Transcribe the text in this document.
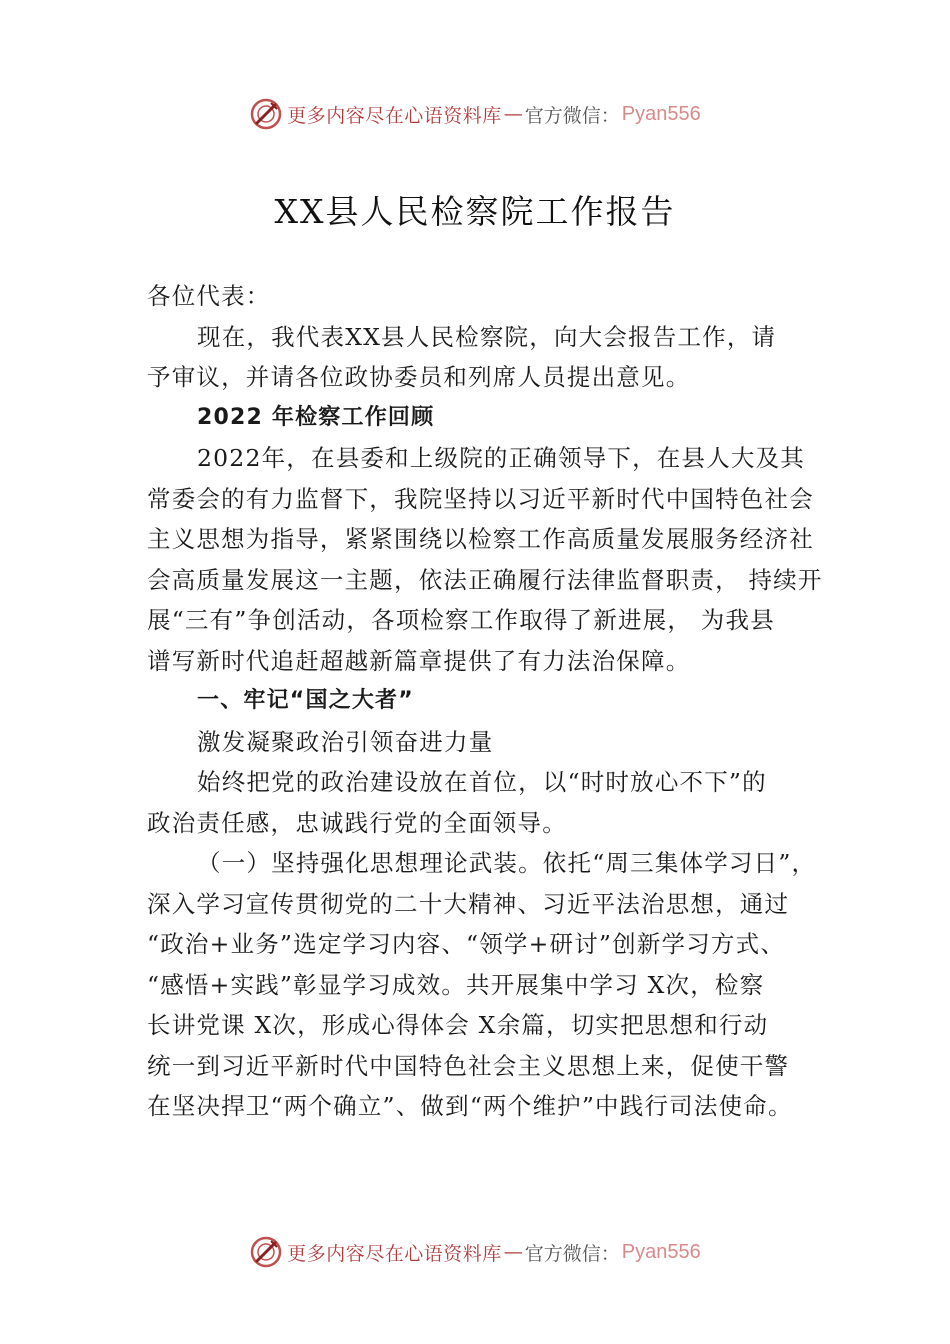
更多内容尽在心语资料库 — 官方微信： Pyan556
XX县人民检察院工作报告
各位代表：
现在，我代表XX县人民检察院，向大会报告工作，请
予审议，并请各位政协委员和列席人员提出意见。
2022 年检察工作回顾
2022年，在县委和上级院的正确领导下，在县人大及其
常委会的有力监督下，我院坚持以习近平新时代中国特色社会
主义思想为指导，紧紧围绕以检察工作高质量发展服务经济社
会高质量发展这一主题，依法正确履行法律监督职责， 持续开
展“三有”争创活动，各项检察工作取得了新进展， 为我县
谱写新时代追赶超越新篇章提供了有力法治保障。
一、牢记“国之大者”
激发凝聚政治引领奋进力量
始终把党的政治建设放在首位，以“时时放心不下”的
政治责任感，忠诚践行党的全面领导。
（一）坚持强化思想理论武装。依托“周三集体学习日”，
深入学习宣传贯彻党的二十大精神、习近平法治思想，通过
“政治+业务”选定学习内容、“领学+研讨”创新学习方式、
“感悟+实践”彰显学习成效。共开展集中学习 X次，检察
长讲党课 X次，形成心得体会 X余篇，切实把思想和行动
统一到习近平新时代中国特色社会主义思想上来，促使干警
在坚决捍卫“两个确立”、做到“两个维护”中践行司法使命。
更多内容尽在心语资料库 — 官方微信： Pyan556
